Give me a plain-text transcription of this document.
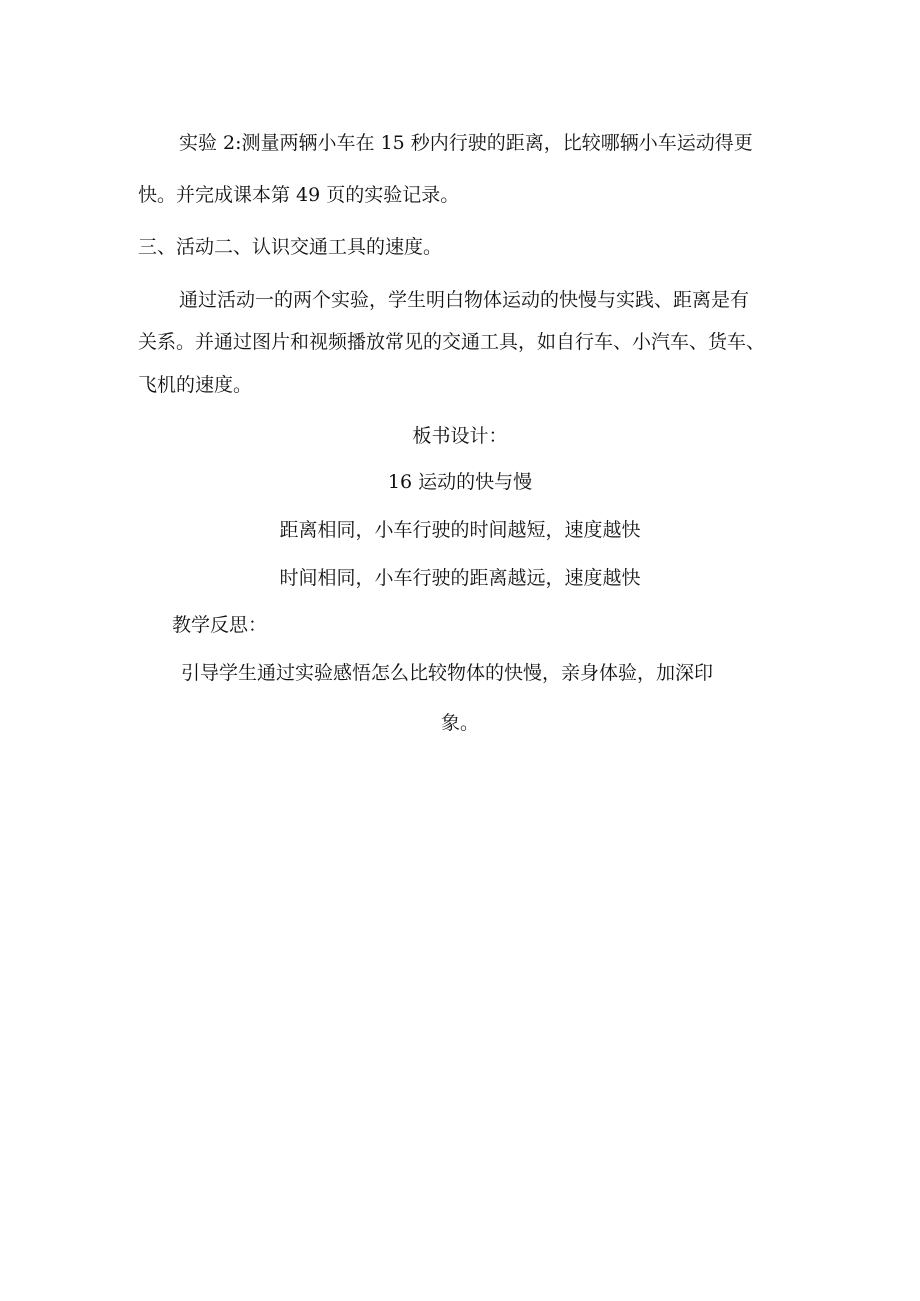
实验 2:测量两辆小车在 15 秒内行驶的距离，比较哪辆小车运动得更
快。并完成课本第 49 页的实验记录。
三、活动二、认识交通工具的速度。
通过活动一的两个实验，学生明白物体运动的快慢与实践、距离是有
关系。并通过图片和视频播放常见的交通工具，如自行车、小汽车、货车、
飞机的速度。
板书设计：
16 运动的快与慢
距离相同，小车行驶的时间越短，速度越快
时间相同，小车行驶的距离越远，速度越快
教学反思：
引导学生通过实验感悟怎么比较物体的快慢，亲身体验，加深印
象。
